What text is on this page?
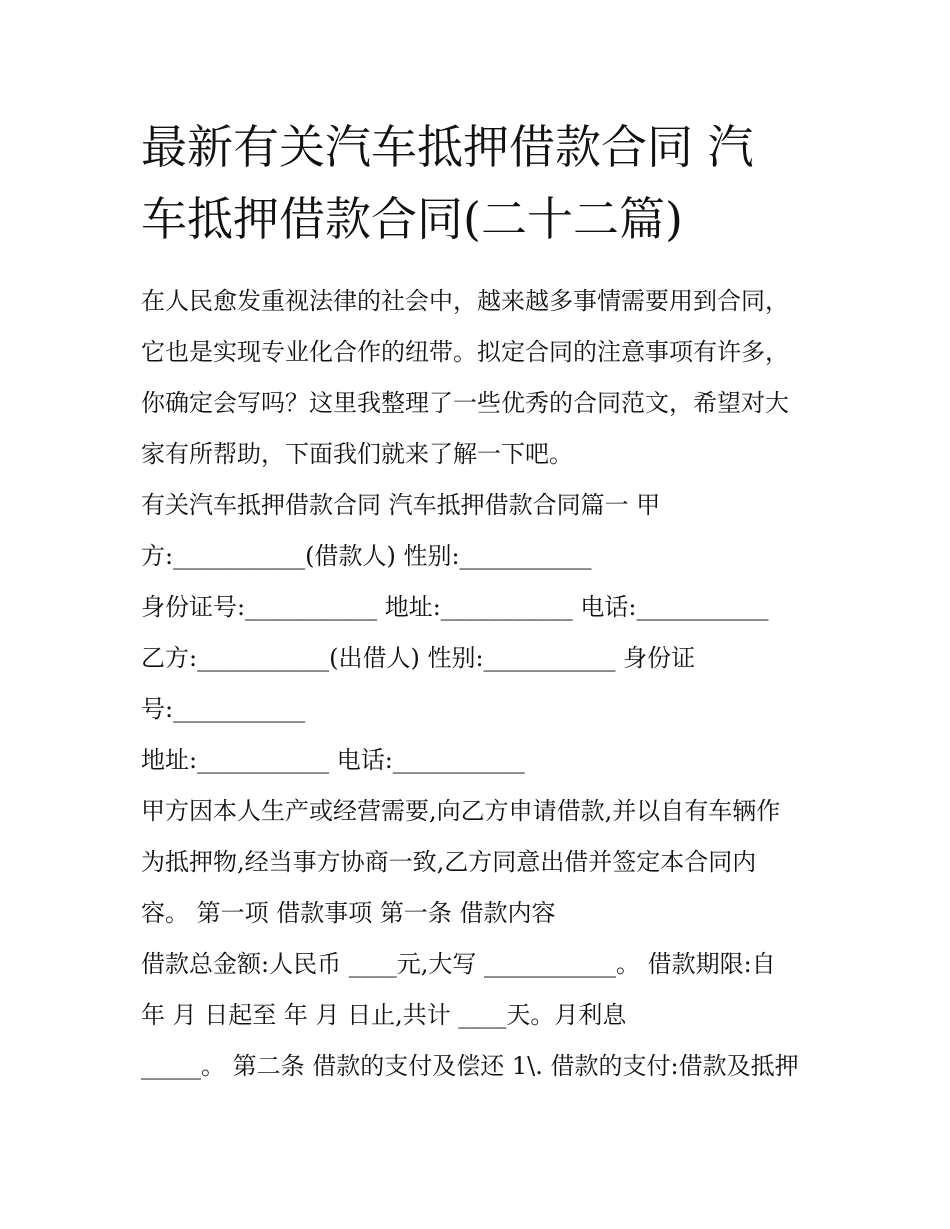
最新有关汽车抵押借款合同 汽
车抵押借款合同(二十二篇)
在人民愈发重视法律的社会中，越来越多事情需要用到合同，
它也是实现专业化合作的纽带。拟定合同的注意事项有许多，
你确定会写吗？这里我整理了一些优秀的合同范文，希望对大
家有所帮助，下面我们就来了解一下吧。
有关汽车抵押借款合同 汽车抵押借款合同篇一 甲
方:___________(借款人) 性别:___________
身份证号:___________ 地址:___________ 电话:___________
乙方:___________(出借人) 性别:___________ 身份证
号:___________
地址:___________ 电话:___________
甲方因本人生产或经营需要,向乙方申请借款,并以自有车辆作
为抵押物,经当事方协商一致,乙方同意出借并签定本合同内
容。 第一项 借款事项 第一条 借款内容
借款总金额:人民币 ____元,大写 ___________。 借款期限:自
年 月 日起至 年 月 日止,共计 ____天。月利息
_____。 第二条 借款的支付及偿还 1\. 借款的支付:借款及抵押
